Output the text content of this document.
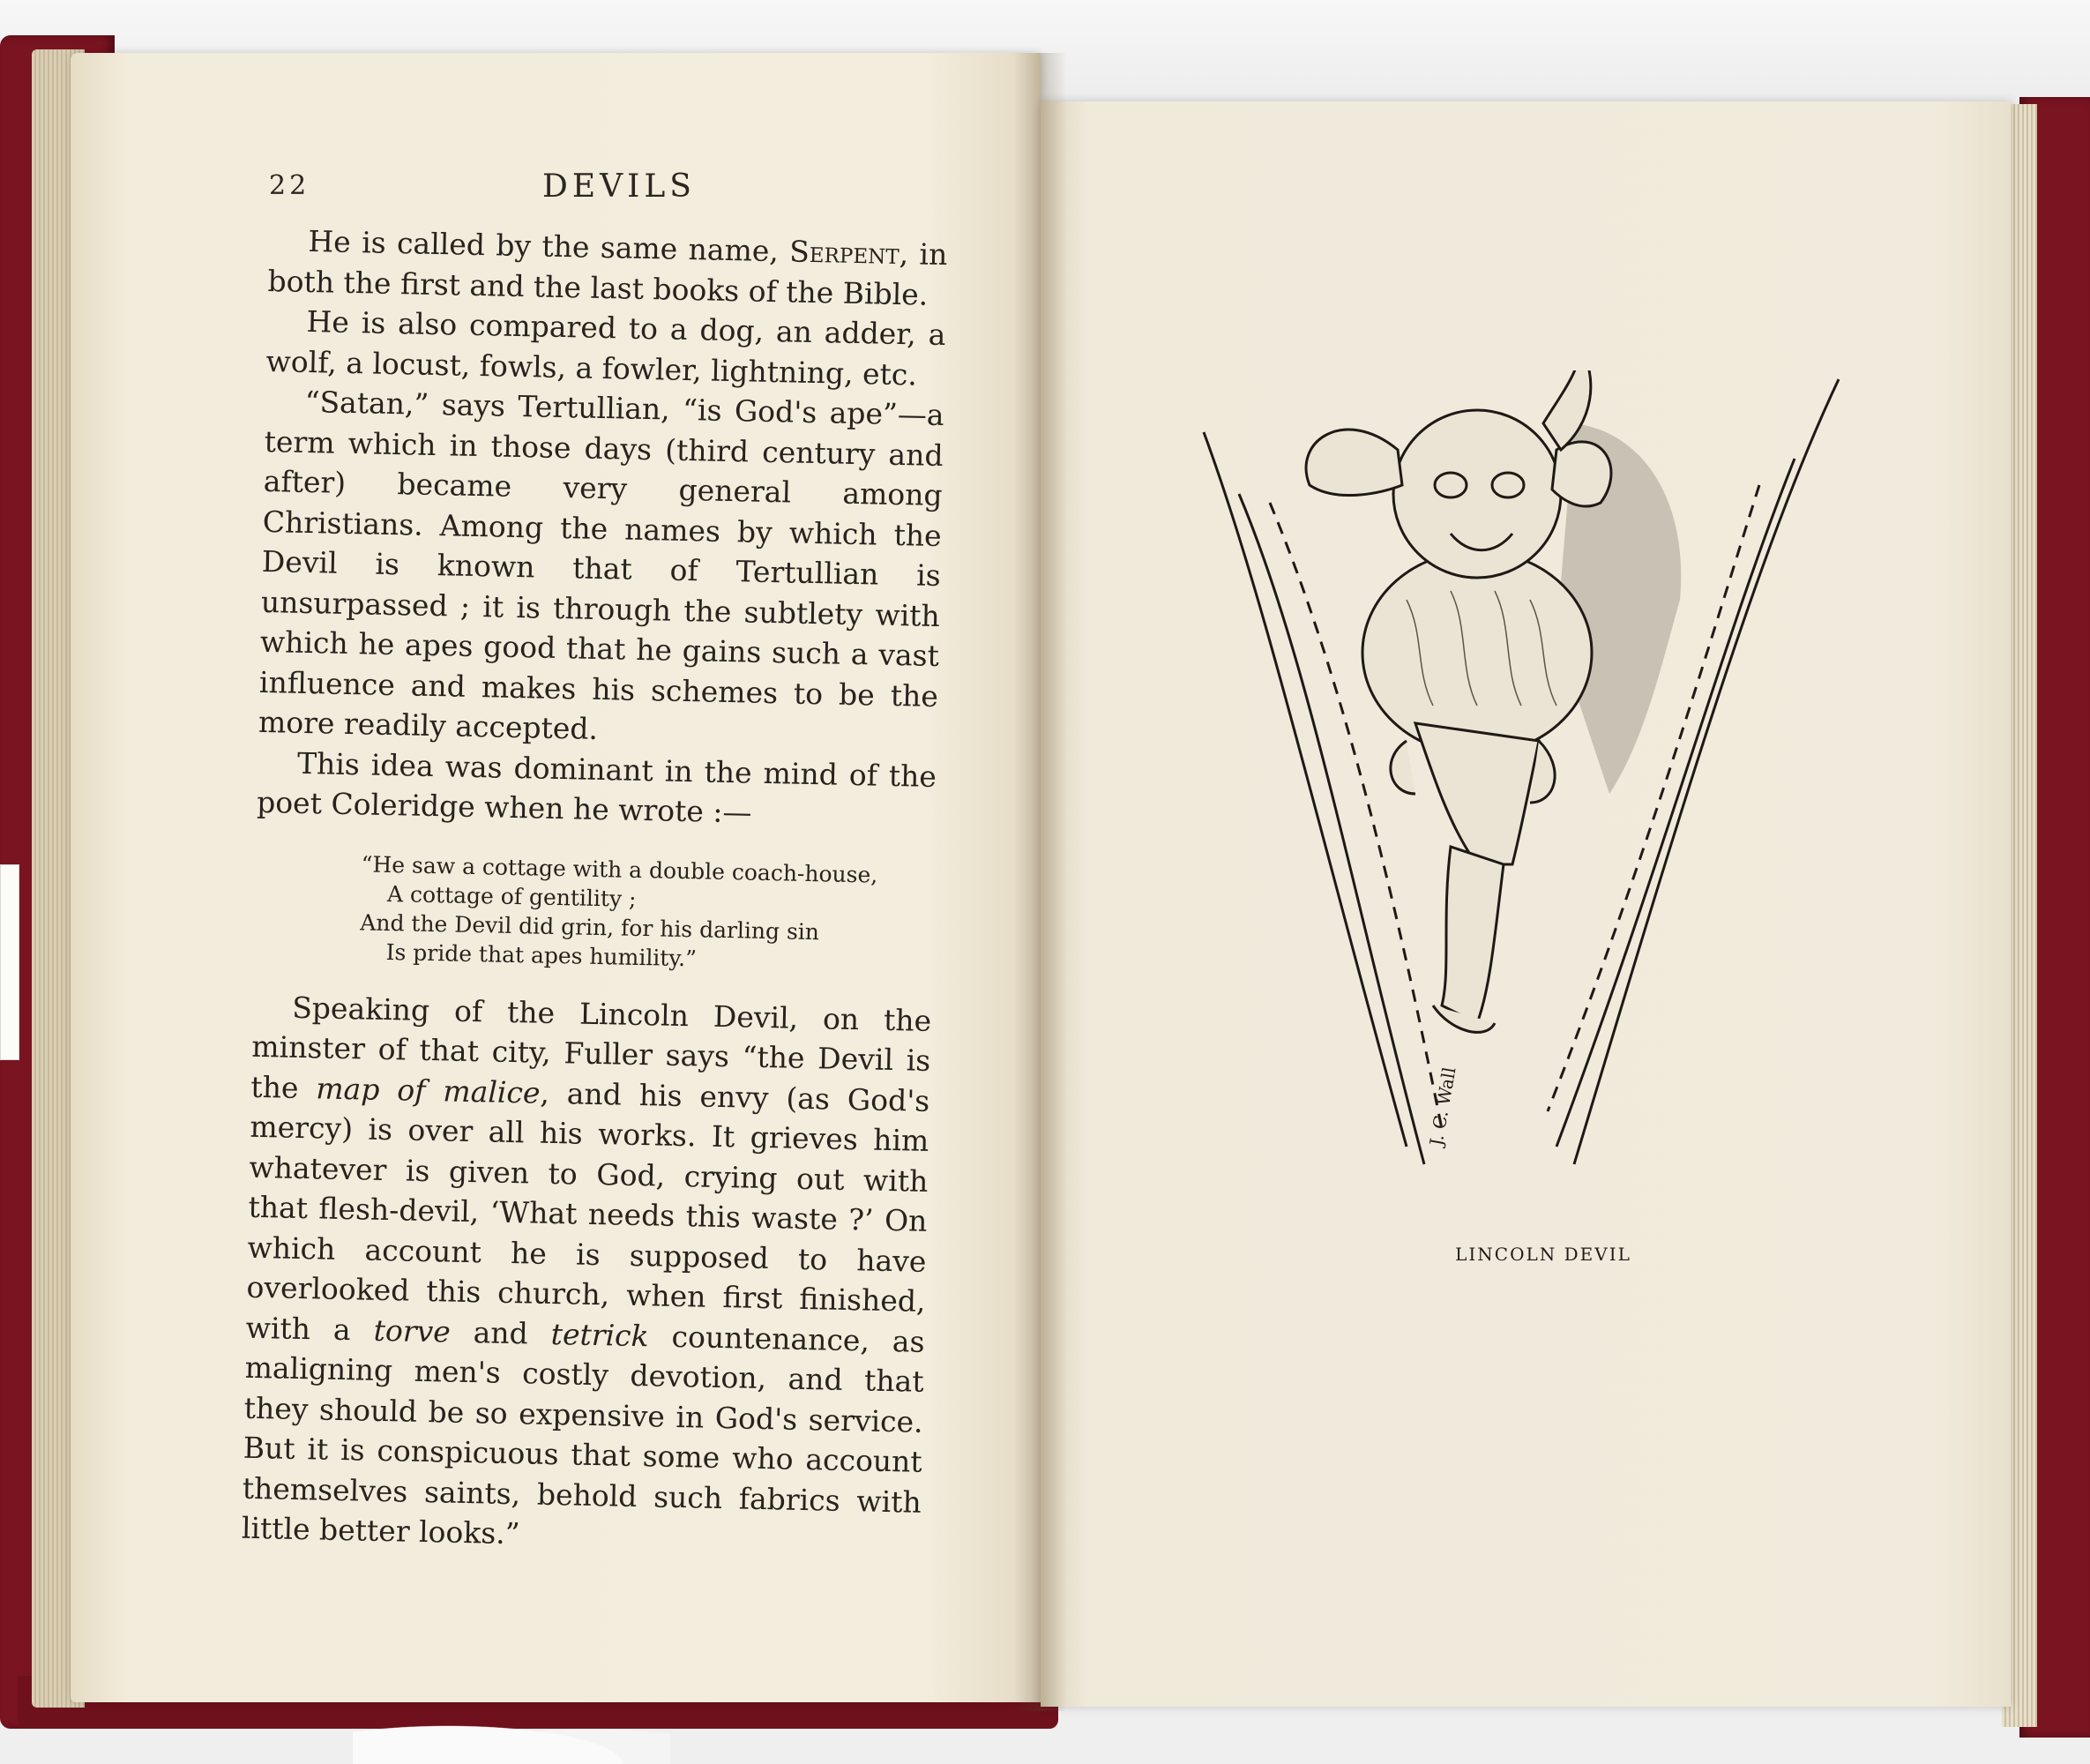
22	DEVILS

He is called by the same name, Serpent, in both the first and the last books of the Bible.

He is also compared to a dog, an adder, a wolf, a locust, fowls, a fowler, lightning, etc.

“Satan,” says Tertullian, “is God's ape”—a term which in those days (third century and after) became very general among Christians. Among the names by which the Devil is known that of Tertullian is unsurpassed ; it is through the subtlety with which he apes good that he gains such a vast influence and makes his schemes to be the more readily accepted.

This idea was dominant in the mind of the poet Coleridge when he wrote :—

“He saw a cottage with a double coach-house,
A cottage of gentility ;
And the Devil did grin, for his darling sin
Is pride that apes humility.”

Speaking of the Lincoln Devil, on the minster of that city, Fuller says “the Devil is the map of malice, and his envy (as God's mercy) is over all his works. It grieves him whatever is given to God, crying out with that flesh-devil, ‘What needs this waste ?’ On which account he is supposed to have overlooked this church, when first finished, with a torve and tetrick countenance, as maligning men's costly devotion, and that they should be so expensive in God's service. But it is conspicuous that some who account themselves saints, behold such fabrics with little better looks.”

J. C. Wall
LINCOLN DEVIL
